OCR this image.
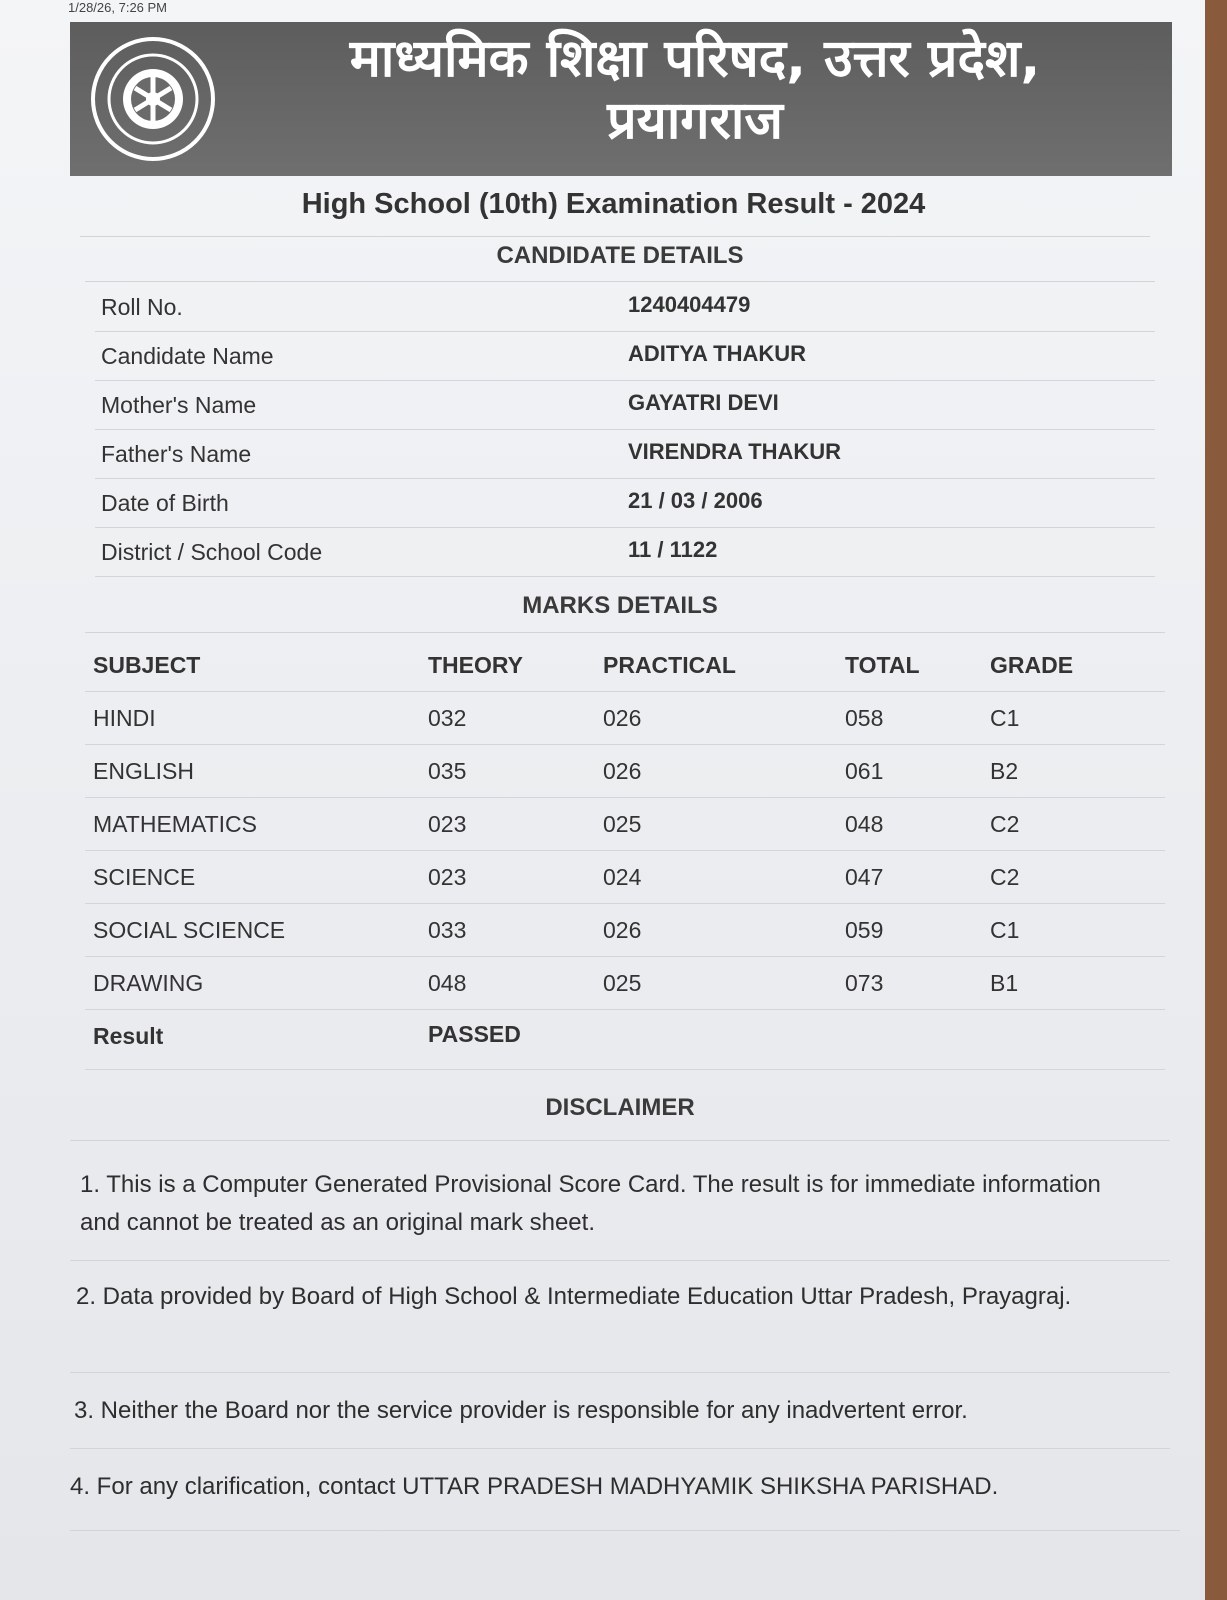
1/28/26, 7:26 PM
माध्यमिक शिक्षा परिषद, उत्तर प्रदेश,
प्रयागराज
High School (10th) Examination Result - 2024
CANDIDATE DETAILS
Roll No.	1240404479
Candidate Name	ADITYA THAKUR
Mother's Name	GAYATRI DEVI
Father's Name	VIRENDRA THAKUR
Date of Birth	21 / 03 / 2006
District / School Code	11 / 1122
MARKS DETAILS
SUBJECT	THEORY	PRACTICAL	TOTAL	GRADE
HINDI	032	026	058	C1
ENGLISH	035	026	061	B2
MATHEMATICS	023	025	048	C2
SCIENCE	023	024	047	C2
SOCIAL SCIENCE	033	026	059	C1
DRAWING	048	025	073	B1
Result	PASSED
DISCLAIMER
1. This is a Computer Generated Provisional Score Card. The result is for immediate information and cannot be treated as an original mark sheet.
2. Data provided by Board of High School & Intermediate Education Uttar Pradesh, Prayagraj.
3. Neither the Board nor the service provider is responsible for any inadvertent error.
4. For any clarification, contact UTTAR PRADESH MADHYAMIK SHIKSHA PARISHAD.
